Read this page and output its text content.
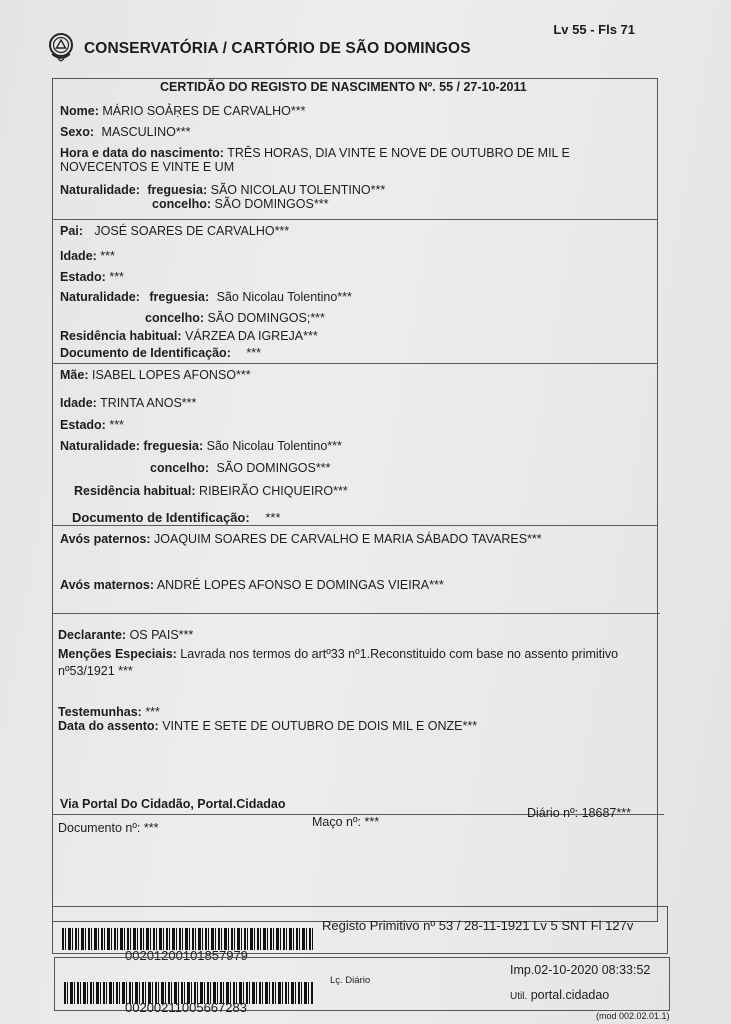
Lv 55 - Fls 71
CONSERVATÓRIA / CARTÓRIO DE SÃO DOMINGOS
CERTIDÃO DO REGISTO DE NASCIMENTO Nº. 55 / 27-10-2011
Nome: MÁRIO SOẢṚES DE CARVALHO***
Sexo: MASCULINO***
Hora e data do nascimento: TRÊS HORAS, DIA VINTE E NOVE DE OUTUBRO DE MIL E
NOVECENTOS E VINTE E UM
Naturalidade: freguesia: SÃO NICOLAU TOLENTINO***
concelho: SÃO DOMINGOS***
Pai: JOSÉ SOARES DE CARVALHO***
Idade: ***
Estado: ***
Naturalidade: freguesia: São Nicolau Tolentino***
concelho: SÃO DOMINGOS;***
Residência habitual: VÁRZEA DA IGREJA***
Documento de Identificação: ***
Mãe: ISABEL LOPES AFONSO***
Idade: TRINTA ANOS***
Estado: ***
Naturalidade: freguesia: São Nicolau Tolentino***
concelho: SÃO DOMINGOS***
Residência habitual: RIBEIRÃO CHIQUEIRO***
Documento de Identificação: ***
Avós paternos: JOAQUIM SOARES DE CARVALHO E MARIA SÁBADO TAVARES***
Avós maternos: ANDRÉ LOPES AFONSO E DOMINGAS VIEIRA***
Declarante: OS PAIS***
Menções Especiais: Lavrada nos termos do artº33 nº1.Reconstituido com base no assento primitivo
nº53/1921 ***
Testemunhas: ***
Data do assento: VINTE E SETE DE OUTUBRO DE DOIS MIL E ONZE***
Via Portal Do Cidadão, Portal.Cidadao
Documento nº: ***	Maço nº: ***
Diário nº: 18687***
00201200101857979
Registo Primitivo nº 53 / 28-11-1921 Lv 5 SNT Fl 127v
00200211005667283
Lç. Diário
Imp.02-10-2020 08:33:52
Util. portal.cidadao
(mod 002.02.01.1)
